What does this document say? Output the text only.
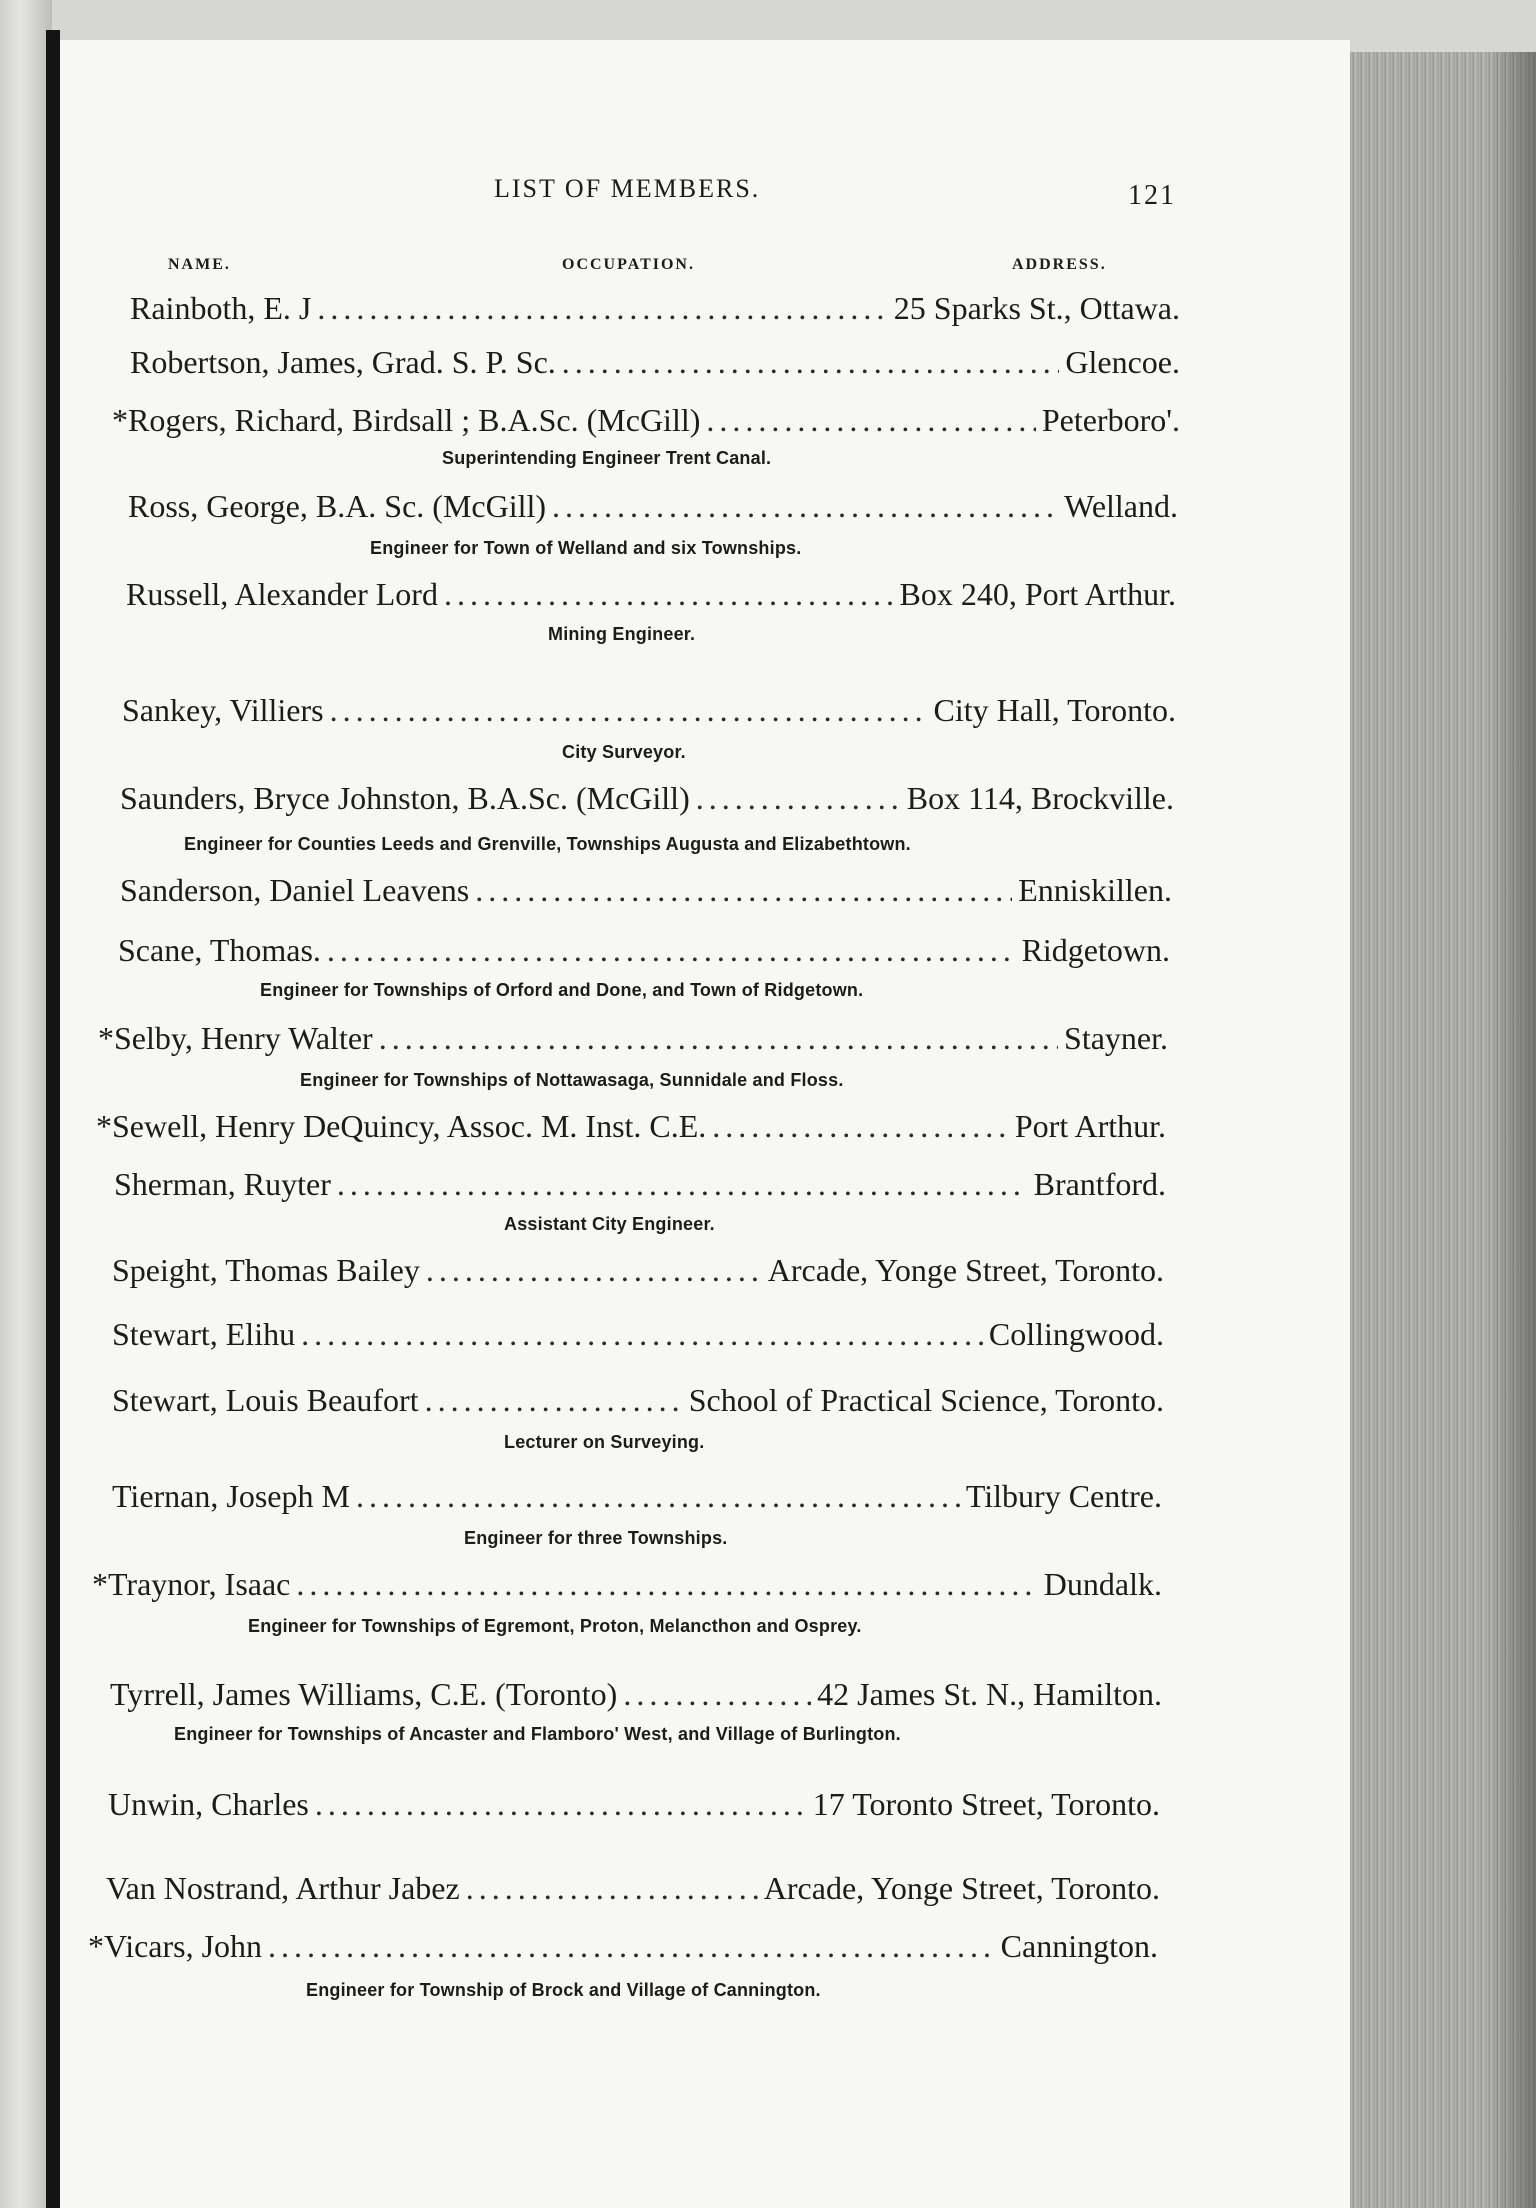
LIST OF MEMBERS.	121
NAME.	OCCUPATION.	ADDRESS.
Rainboth, E. J .....	25 Sparks St., Ottawa.
Robertson, James, Grad. S. P. Sc. .....	Glencoe.
*Rogers, Richard, Birdsall ; B.A.Sc. (McGill) .....	Peterboro'.
Superintending Engineer Trent Canal.
Ross, George, B.A. Sc. (McGill) .....	Welland.
Engineer for Town of Welland and six Townships.
Russell, Alexander Lord .....	Box 240, Port Arthur.
Mining Engineer.
Sankey, Villiers .....	City Hall, Toronto.
City Surveyor.
Saunders, Bryce Johnston, B.A.Sc. (McGill) .....	Box 114, Brockville.
Engineer for Counties Leeds and Grenville, Townships Augusta and Elizabethtown.
Sanderson, Daniel Leavens .....	Enniskillen.
Scane, Thomas. .....	Ridgetown.
Engineer for Townships of Orford and Done, and Town of Ridgetown.
*Selby, Henry Walter .....	Stayner.
Engineer for Townships of Nottawasaga, Sunnidale and Floss.
*Sewell, Henry DeQuincy, Assoc. M. Inst. C.E. .....	Port Arthur.
Sherman, Ruyter .....	Brantford.
Assistant City Engineer.
Speight, Thomas Bailey .....	Arcade, Yonge Street, Toronto.
Stewart, Elihu .....	Collingwood.
Stewart, Louis Beaufort .....	School of Practical Science, Toronto.
Lecturer on Surveying.
Tiernan, Joseph M .....	Tilbury Centre.
Engineer for three Townships.
*Traynor, Isaac .....	Dundalk.
Engineer for Townships of Egremont, Proton, Melancthon and Osprey.
Tyrrell, James Williams, C.E. (Toronto) .....	42 James St. N., Hamilton.
Engineer for Townships of Ancaster and Flamboro' West, and Village of Burlington.
Unwin, Charles .....	17 Toronto Street, Toronto.
Van Nostrand, Arthur Jabez .....	Arcade, Yonge Street, Toronto.
*Vicars, John .....	Cannington.
Engineer for Township of Brock and Village of Cannington.
